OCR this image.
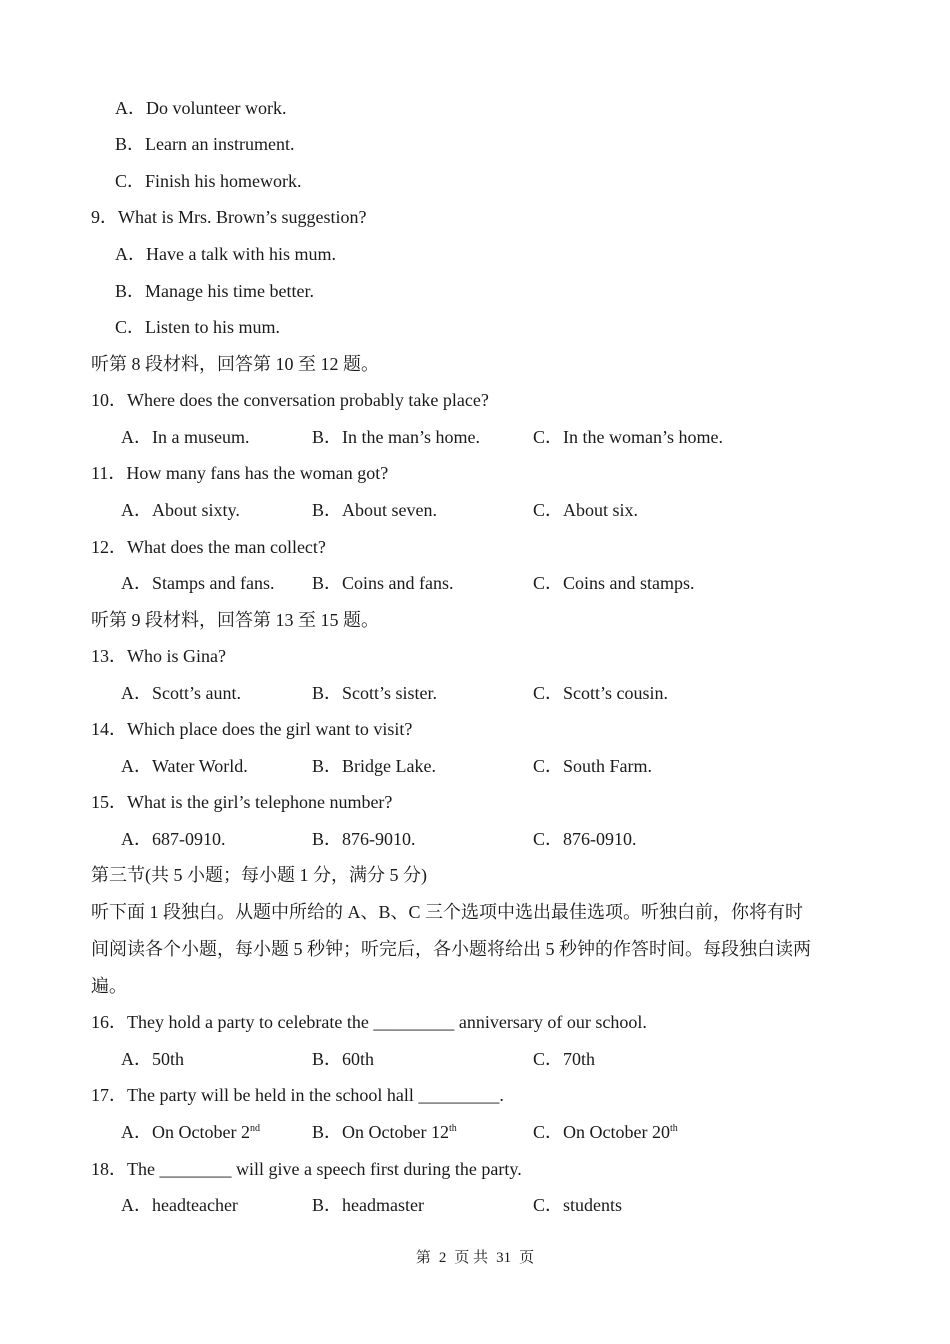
A．Do volunteer work.
B．Learn an instrument.
C．Finish his homework.
9．What is Mrs. Brown’s suggestion?
A．Have a talk with his mum.
B．Manage his time better.
C．Listen to his mum.
听第 8 段材料，回答第 10 至 12 题。
10．Where does the conversation probably take place?
A．In a museum.	B．In the man’s home.	C．In the woman’s home.
11．How many fans has the woman got?
A．About sixty.	B．About seven.	C．About six.
12．What does the man collect?
A．Stamps and fans. B．Coins and fans.	C．Coins and stamps.
听第 9 段材料，回答第 13 至 15 题。
13．Who is Gina?
A．Scott’s aunt.	B．Scott’s sister.	C．Scott’s cousin.
14．Which place does the girl want to visit?
A．Water World.	B．Bridge Lake.	C．South Farm.
15．What is the girl’s telephone number?
A．687-0910.	B．876-9010.	C．876-0910.
第三节(共 5 小题；每小题 1 分，满分 5 分)
听下面 1 段独白。从题中所给的 A、B、C 三个选项中选出最佳选项。听独白前，你将有时
间阅读各个小题，每小题 5 秒钟；听完后，各小题将给出 5 秒钟的作答时间。每段独白读两
遍。
16．They hold a party to celebrate the _________ anniversary of our school.
A．50th	B．60th	C．70th
17．The party will be held in the school hall _________.
A．On October 2nd	B．On October 12th	C．On October 20th
18．The ________ will give a speech first during the party.
A．headteacher	B．headmaster	C．students
第 2 页 共 31 页
